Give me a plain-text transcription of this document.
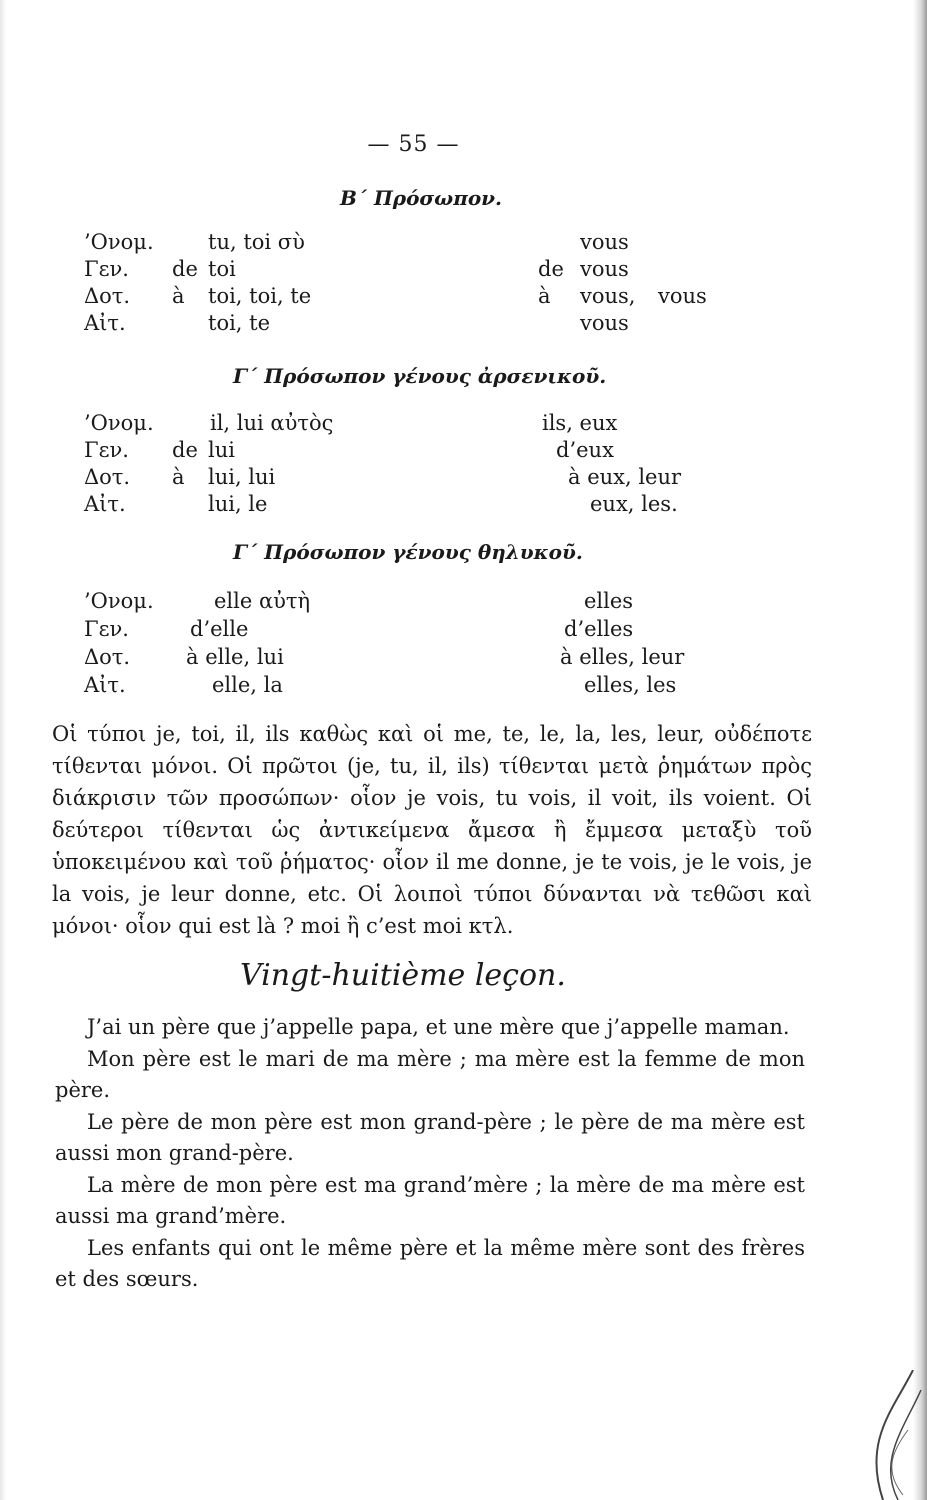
— 55 —
B΄ Πρόσωπον.
’Ονομ.	tu, toi σὺ	vous
Γεν. de toi	de vous
Δοτ. à toi, toi, te	à vous, vous
Αἰτ.	toi, te	vous
Γ΄ Πρόσωπον γένους ἀρσενικοῦ.
’Ονομ.	il, lui αὐτὸς	ils, eux
Γεν. de lui	d’eux
Δοτ. à lui, lui	à eux, leur
Αἰτ.	lui, le	eux, les.
Γ΄ Πρόσωπον γένους θηλυκοῦ.
’Ονομ.	elle αὐτὴ	elles
Γεν.	d’elle	d’elles
Δοτ.	à elle, lui	à elles, leur
Αἰτ.	elle, la	elles, les
Οἱ τύποι je, toi, il, ils καθὼς καὶ οἱ me, te, le, la, les, leur, οὐδέποτε τίθενται μόνοι. Οἱ πρῶτοι (je, tu, il, ils) τίθενται μετὰ ῥημάτων πρὸς διάκρισιν τῶν προσώπων· οἷον je vois, tu vois, il voit, ils voient. Οἱ δεύτεροι τίθενται ὡς ἀντικείμενα ἄμεσα ἢ ἔμμεσα μεταξὺ τοῦ ὑποκειμένου καὶ τοῦ ῥήματος· οἷον il me donne, je te vois, je le vois, je la vois, je leur donne, etc. Οἱ λοιποὶ τύποι δύνανται νὰ τεθῶσι καὶ μόνοι· οἷον qui est là ? moi ἢ c’est moi κτλ.
Vingt-huitième leçon.

J’ai un père que j’appelle papa, et une mère que j’appelle maman.

Mon père est le mari de ma mère ; ma mère est la femme de mon père.

Le père de mon père est mon grand-père ; le père de ma mère est aussi mon grand-père.

La mère de mon père est ma grand’mère ; la mère de ma mère est aussi ma grand’mère.

Les enfants qui ont le même père et la même mère sont des frères et des sœurs.
